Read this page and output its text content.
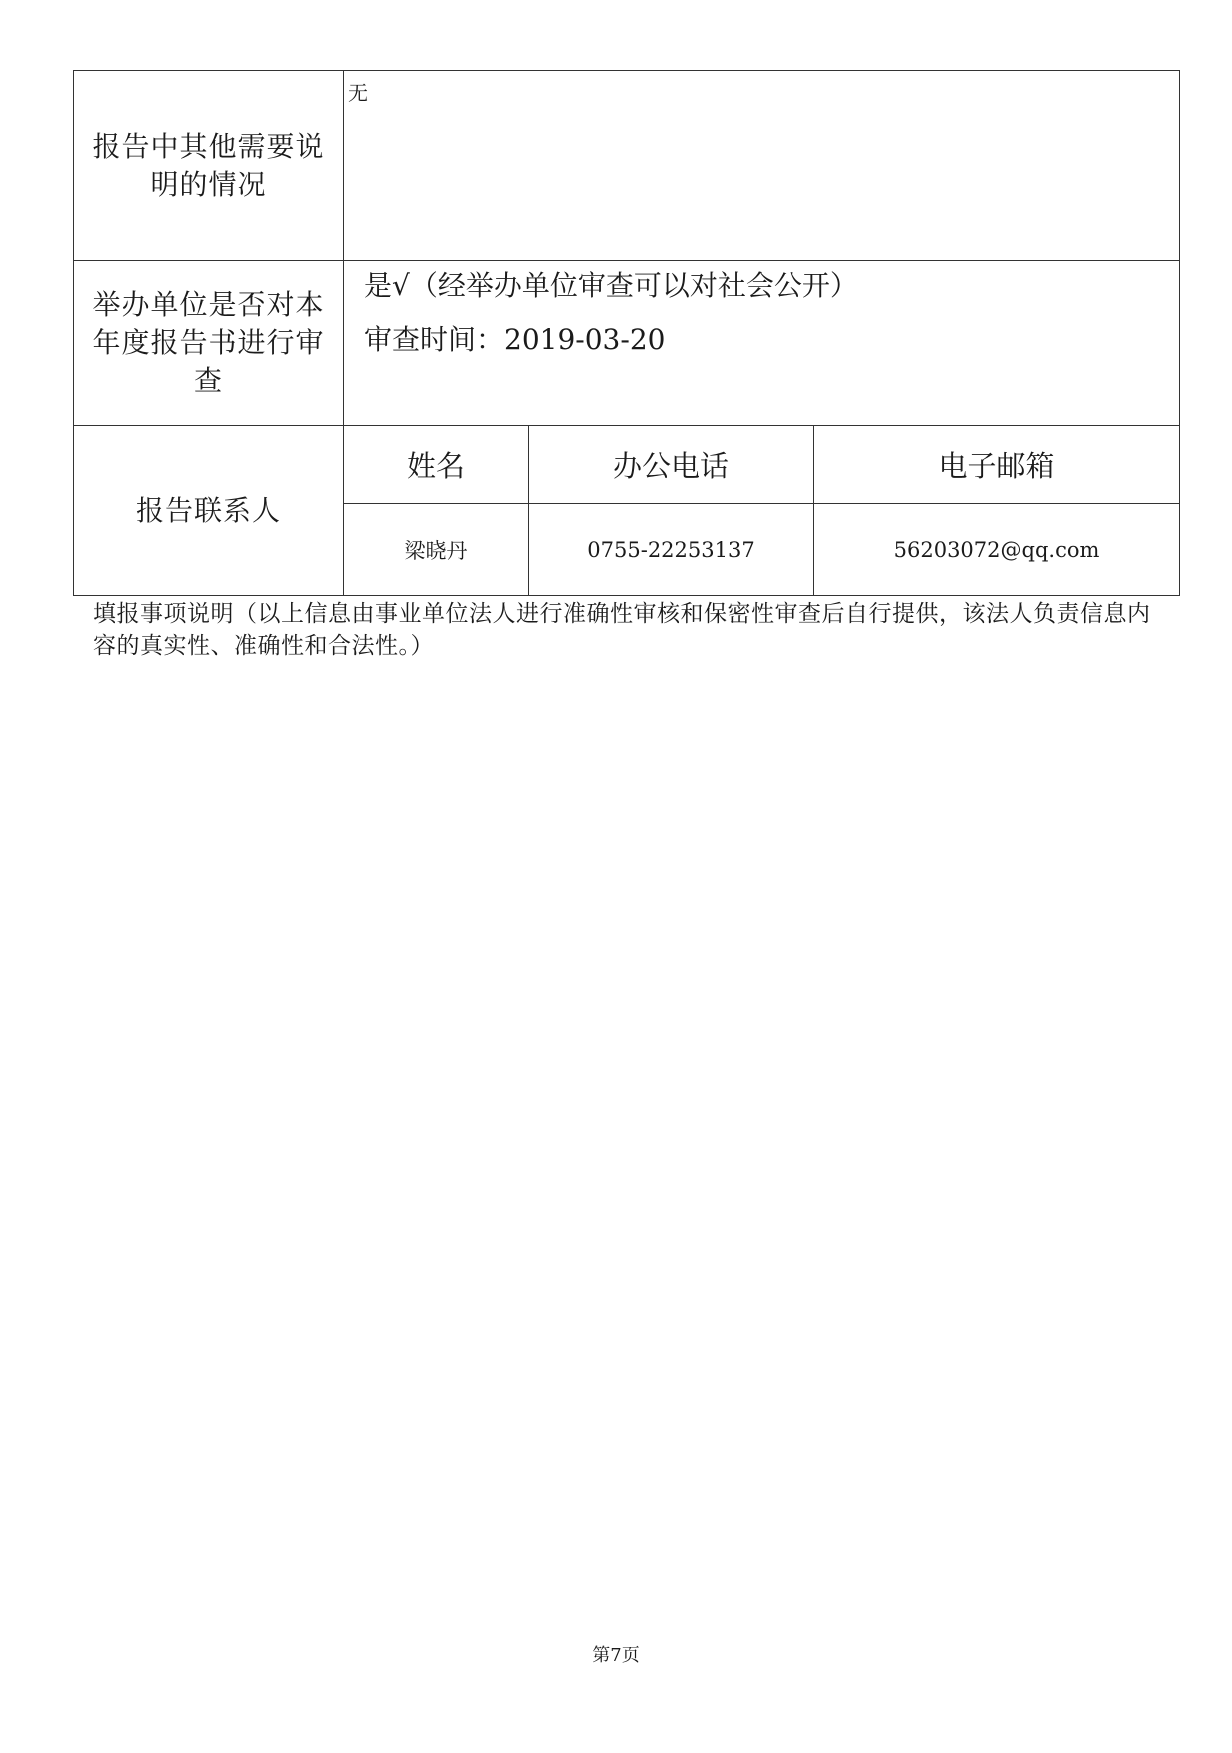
报告中其他需要说明的情况	无		

举办单位是否对本年度报告书进行审查	是√（经举办单位审查可以对社会公开）
审查时间：2019-03-20		

报告联系人	姓名	办公电话	电子邮箱
	梁晓丹	0755-22253137	56203072@qq.com
填报事项说明（以上信息由事业单位法人进行准确性审核和保密性审查后自行提供，该法人负责信息内容的真实性、准确性和合法性。）
第7页
